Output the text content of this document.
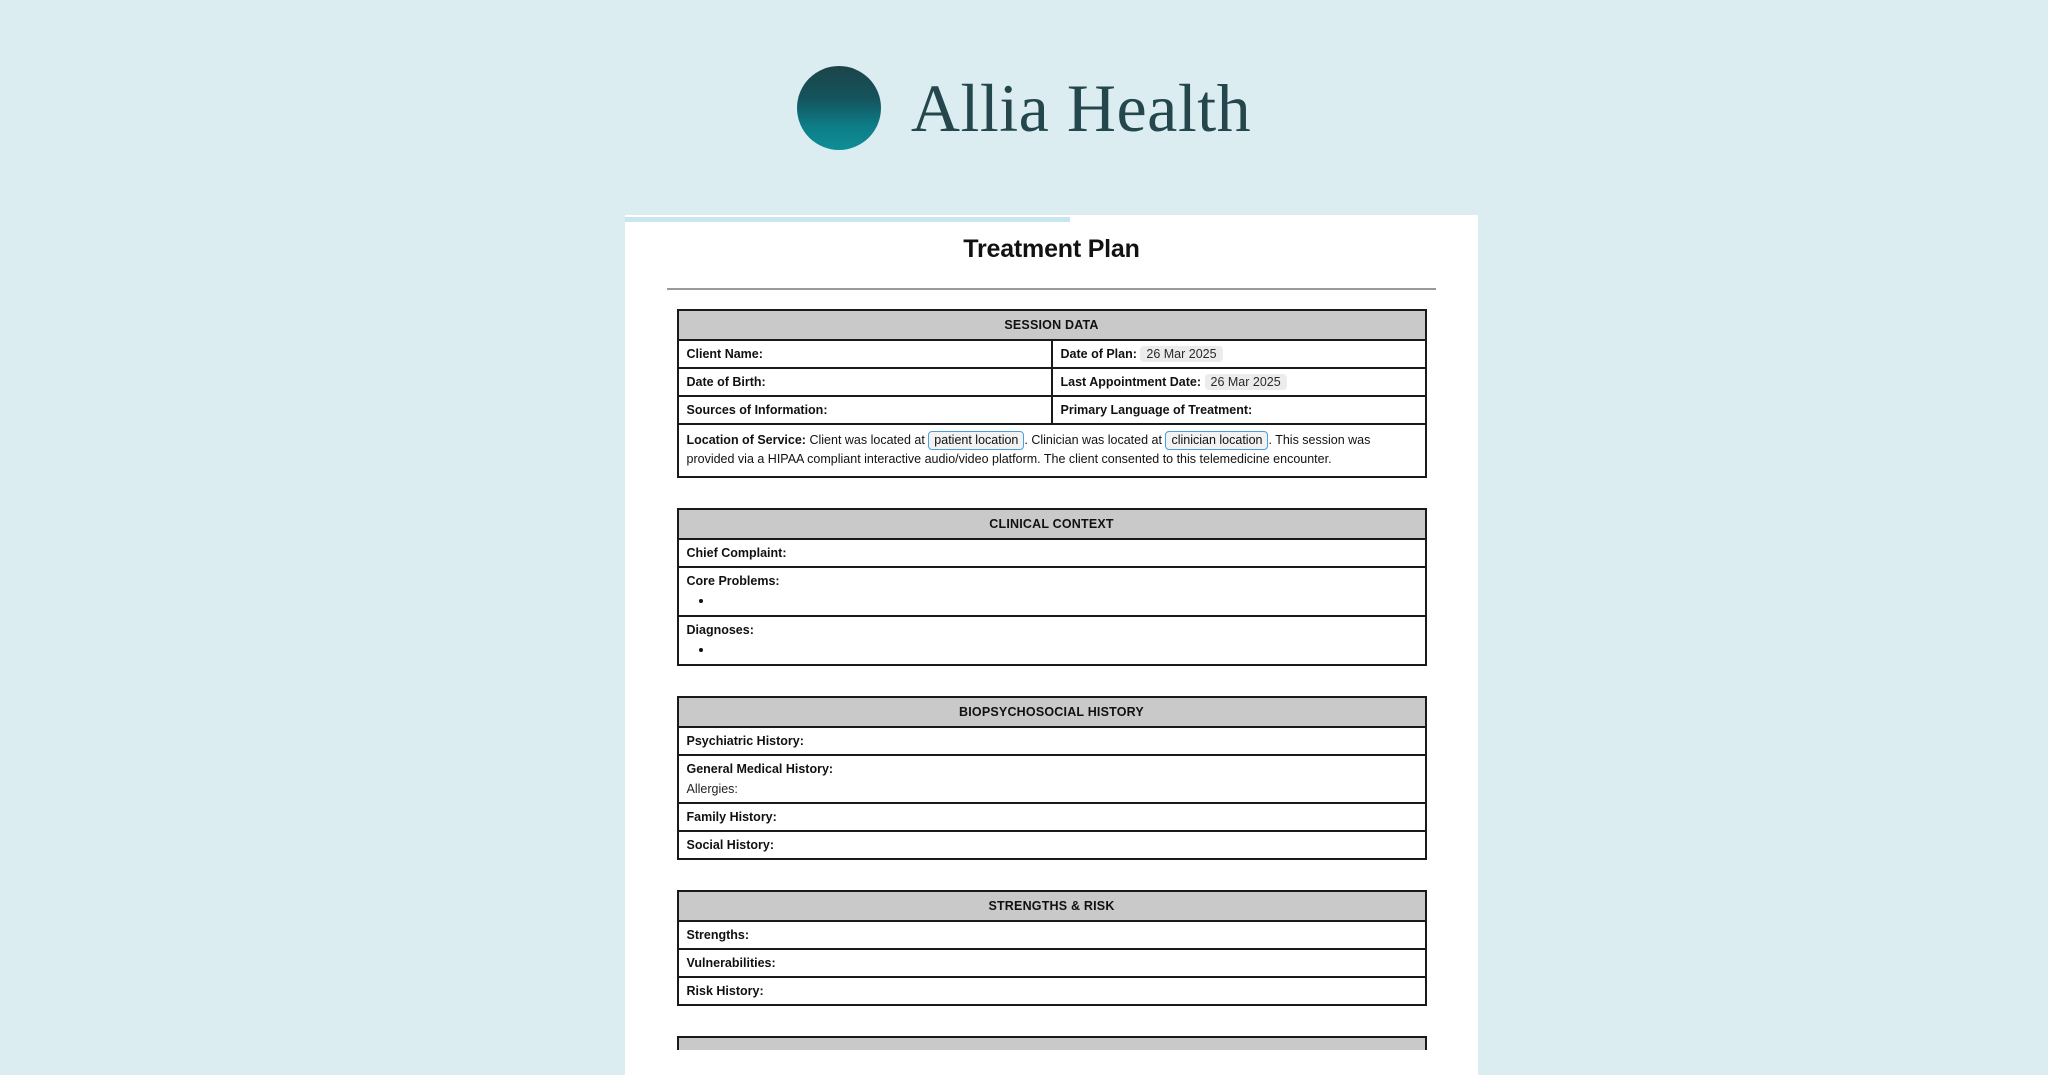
Allia Health
Treatment Plan
SESSION DATA	
Client Name:	Date of Plan: 26 Mar 2025
Date of Birth:	Last Appointment Date: 26 Mar 2025
Sources of Information:	Primary Language of Treatment:
Location of Service: Client was located at patient location . Clinician was located at clinician location . This session was provided via a HIPAA compliant interactive audio/video platform. The client consented to this telemedicine encounter.	
CLINICAL CONTEXT
Chief Complaint:
Core Problems:
•

Diagnoses:
•
BIOPSYCHOSOCIAL HISTORY
Psychiatric History:
General Medical History:
Allergies:

Family History:
Social History:
STRENGTHS & RISK
Strengths:
Vulnerabilities:
Risk History:
